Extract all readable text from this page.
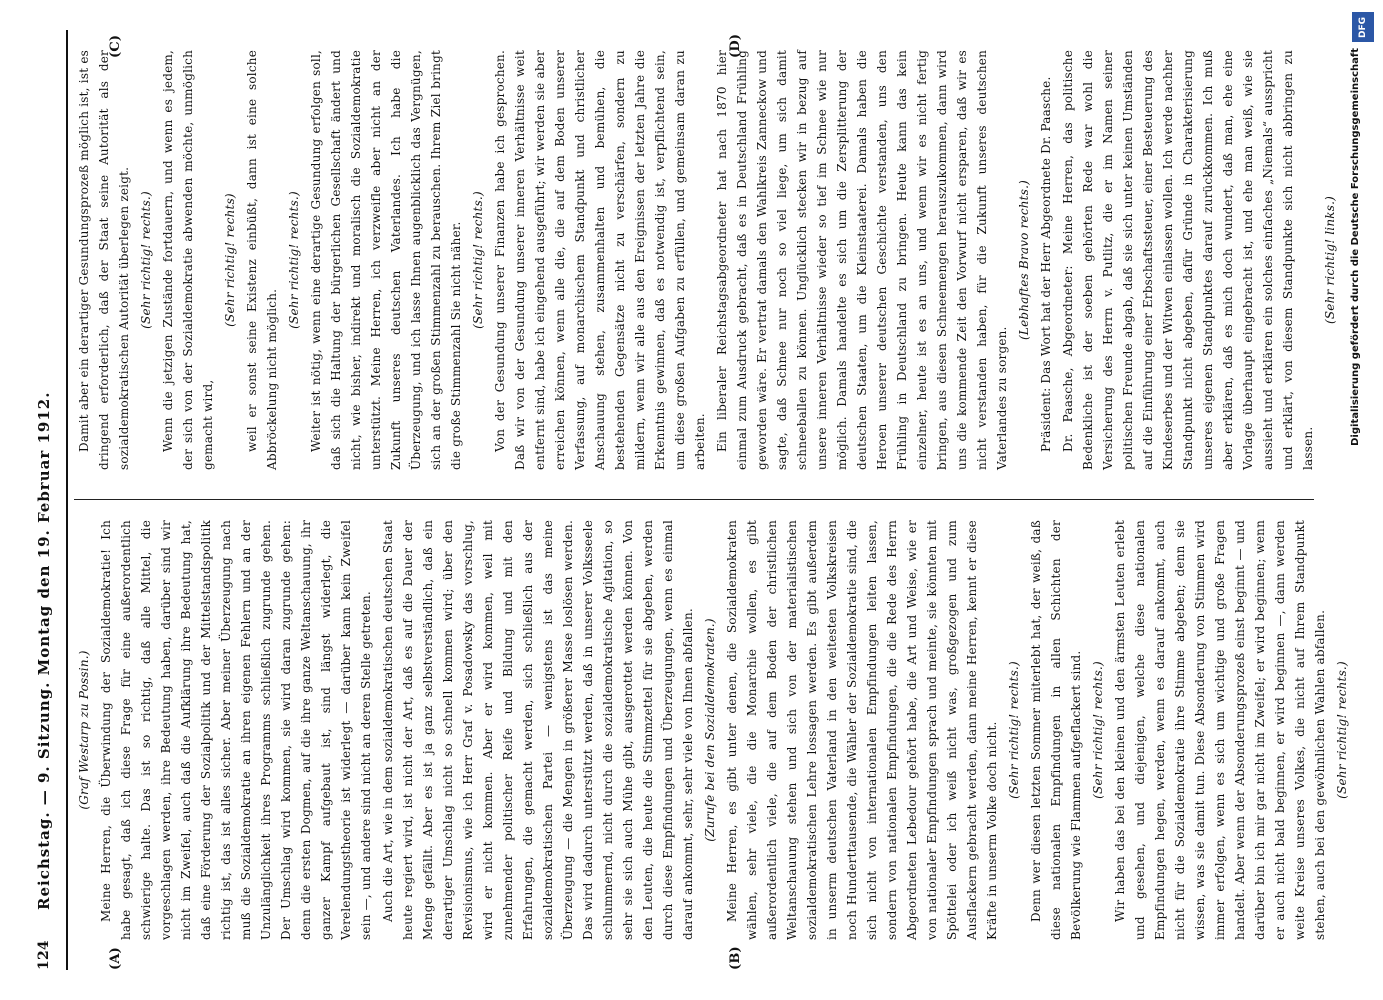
124
Reichstag. — 9. Sitzung. Montag den 19. Februar 1912.
(A)	(B)
(C)	(D)

(Graf Westarp zu Possin.) Meine Herren, die Überwindung der Sozialdemokratie! Ich habe gesagt, daß ich diese Frage für eine außerordentlich schwierige halte. Das ist so richtig, daß alle Mittel, die vorgeschlagen werden, ihre Bedeutung haben, darüber sind wir nicht im Zweifel, auch daß die Aufklärung ihre Bedeutung hat, daß eine Förderung der Sozialpolitik und der Mittelstandspolitik richtig ist, das ist alles sicher. Aber meiner Überzeugung nach muß die Sozialdemokratie an ihren eigenen Fehlern und an der Unzulänglichkeit ihres Programms schließlich zugrunde gehen. Der Umschlag wird kommen, sie wird daran zugrunde gehen: denn die ersten Dogmen, auf die ihre ganze Weltanschauung, ihr ganzer Kampf aufgebaut ist, sind längst widerlegt, die Verelendungstheorie ist widerlegt — darüber kann kein Zweifel sein —, und andere sind nicht an deren Stelle getreten. Auch die Art, wie in dem sozialdemokratischen deutschen Staat heute regiert wird, ist nicht der Art, daß es auf die Dauer der Menge gefällt. Aber es ist ja ganz selbstverständlich, daß ein derartiger Umschlag nicht so schnell kommen wird; über den Revisionismus, wie ich Herr Graf v. Posadowsky das vorschlug, wird er nicht kommen. Aber er wird kommen, weil mit zunehmender politischer Reife und Bildung und mit den Erfahrungen, die gemacht werden, sich schließlich aus der sozialdemokratischen Partei — wenigstens ist das meine Überzeugung — die Mengen in größerer Masse loslösen werden. Das wird dadurch unterstützt werden, daß in unserer Volksseele schlummernd, nicht durch die sozialdemokratische Agitation, so sehr sie sich auch Mühe gibt, ausgerottet werden können. Von den Leuten, die heute die Stimmzettel für sie abgeben, werden durch diese Empfindungen und Überzeugungen, wenn es einmal darauf ankommt, sehr, sehr viele von Ihnen abfallen. (Zurufe bei den Sozialdemokraten.) Meine Herren, es gibt unter denen, die Sozialdemokraten wählen, sehr viele, die die Monarchie wollen, es gibt außerordentlich viele, die auf dem Boden der christlichen Weltanschauung stehen und sich von der materialistischen sozialdemokratischen Lehre lossagen werden. Es gibt außerdem in unserm deutschen Vaterland in den weitesten Volkskreisen noch Hunderttausende, die Wähler der Sozialdemokratie sind, die sich nicht von internationalen Empfindungen leiten lassen, sondern von nationalen Empfindungen, die die Rede des Herrn Abgeordneten Lebedour gehört habe, die Art und Weise, wie er von nationaler Empfindungen sprach und meinte, sie könnten mit Spöttelei oder ich weiß nicht was, großgezogen und zum Ausflackern gebracht werden, dann meine Herren, kennt er diese Kräfte in unserm Volke doch nicht. (Sehr richtig! rechts.) Denn wer diesen letzten Sommer miterlebt hat, der weiß, daß diese nationalen Empfindungen in allen Schichten der Bevölkerung wie Flammen aufgeflackert sind. (Sehr richtig! rechts.) Wir haben das bei den kleinen und den ärmsten Leuten erlebt und gesehen, und diejenigen, welche diese nationalen Empfindungen hegen, werden, wenn es darauf ankommt, auch nicht für die Sozialdemokratie ihre Stimme abgeben; denn sie wissen, was sie damit tun. Diese Absonderung von Stimmen wird immer erfolgen, wenn es sich um wichtige und große Fragen handelt. Aber wenn der Absonderungsprozeß einst beginnt — und darüber bin ich mir gar nicht im Zweifel; er wird beginnen; wenn er auch nicht bald beginnen, er wird beginnen —, dann werden weite Kreise unseres Volkes, die nicht auf Ihrem Standpunkt stehen, auch bei den gewöhnlichen Wahlen abfallen. (Sehr richtig! rechts.)

Damit aber ein derartiger Gesundungsprozeß möglich ist, ist es dringend erforderlich, daß der Staat seine Autorität als der sozialdemokratischen Autorität überlegen zeigt. (Sehr richtig! rechts.) Wenn die jetzigen Zustände fortdauern, und wenn es jedem, der sich von der Sozialdemokratie abwenden möchte, unmöglich gemacht wird,

(Sehr richtig! rechts) weil er sonst seine Existenz einbüßt, dann ist eine solche Abbröckelung nicht möglich.

(Sehr richtig! rechts.) Weiter ist nötig, wenn eine derartige Gesundung erfolgen soll, daß sich die Haltung der bürgerlichen Gesellschaft ändert und nicht, wie bisher, indirekt und moralisch die Sozialdemokratie unterstützt. Meine Herren, ich verzweifle aber nicht an der Zukunft unseres deutschen Vaterlandes. Ich habe die Überzeugung, und ich lasse Ihnen augenblicklich das Vergnügen, sich an der großen Stimmenzahl zu berauschen. Ihrem Ziel bringt die große Stimmenzahl Sie nicht näher. (Sehr richtig! rechts.) Von der Gesundung unserer Finanzen habe ich gesprochen. Daß wir von der Gesundung unserer inneren Verhältnisse weit entfernt sind, habe ich eingehend ausgeführt; wir werden sie aber erreichen können, wenn alle die, die auf dem Boden unserer Verfassung, auf monarchischem Standpunkt und christlicher Anschauung stehen, zusammenhalten und bemühen, die bestehenden Gegensätze nicht zu verschärfen, sondern zu mildern, wenn wir alle aus den Ereignissen der letzten Jahre die Erkenntnis gewinnen, daß es notwendig ist, verpflichtend sein, um diese großen Aufgaben zu erfüllen, und gemeinsam daran zu arbeiten. Ein liberaler Reichstagsabgeordneter hat nach 1870 hier einmal zum Ausdruck gebracht, daß es in Deutschland Frühling geworden wäre. Er vertrat damals den Wahlkreis Zanneckow und sagte, daß Schnee nur noch so viel liege, um sich damit schneeballen zu können. Unglücklich stecken wir in bezug auf unsere inneren Verhältnisse wieder so tief im Schnee wie nur möglich. Damals handelte es sich um die Zersplitterung der deutschen Staaten, um die Kleinstaaterei. Damals haben die Heroen unserer deutschen Geschichte verstanden, uns den Frühling in Deutschland zu bringen. Heute kann das kein einzelner, heute ist es an uns, und wenn wir es nicht fertig bringen, aus diesen Schneemengen herauszukommen, dann wird uns die kommende Zeit den Vorwurf nicht ersparen, daß wir es nicht verstanden haben, für die Zukunft unseres deutschen Vaterlandes zu sorgen.

(Lebhaftes Bravo rechts.) Präsident: Das Wort hat der Herr Abgeordnete Dr. Paasche. Dr. Paasche, Abgeordneter: Meine Herren, das politische Bedenkliche ist der soeben gehörten Rede war wohl die Versicherung des Herrn v. Putlitz, die er im Namen seiner politischen Freunde abgab, daß sie sich unter keinen Umständen auf die Einführung einer Erbschaftssteuer, einer Besteuerung des Kindeserbes und der Witwen einlassen wollen. Ich werde nachher Standpunkt nicht abgeben, dafür Gründe in Charakterisierung unseres eigenen Standpunktes darauf zurückkommen. Ich muß aber erklären, daß es mich doch wundert, daß man, ehe eine Vorlage überhaupt eingebracht ist, und ehe man weiß, wie sie aussieht und erklären ein solches einfaches „Niemals“ ausspricht und erklärt, von diesem Standpunkte sich nicht abbringen zu lassen.

(Sehr richtig! links.)

DFG
Digitalisierung gefördert durch die Deutsche Forschungsgemeinschaft
